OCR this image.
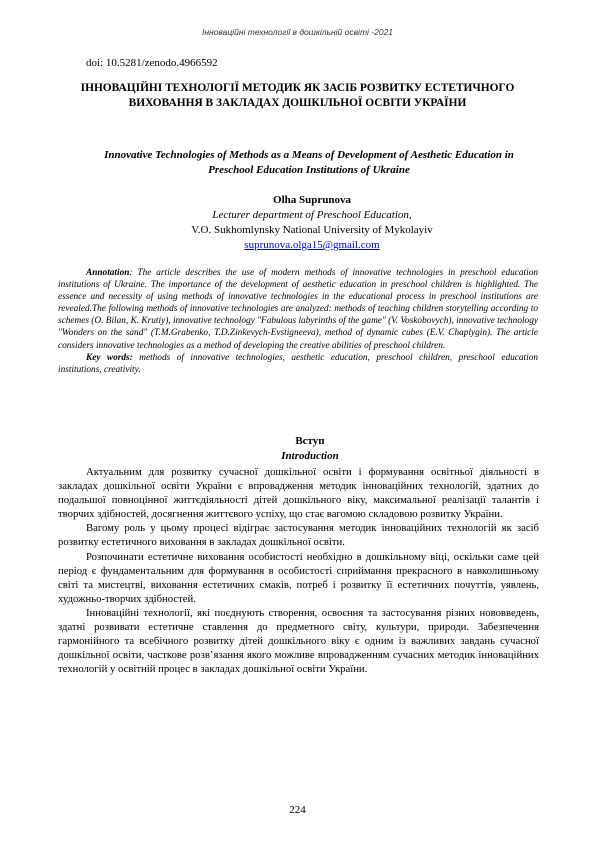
Інноваційні технології в дошкільній освіті -2021
doi: 10.5281/zenodo.4966592
ІННОВАЦІЙНІ ТЕХНОЛОГІЇ МЕТОДИК ЯК ЗАСІБ РОЗВИТКУ ЕСТЕТИЧНОГО ВИХОВАННЯ В ЗАКЛАДАХ ДОШКІЛЬНОЇ ОСВІТИ УКРАЇНИ
Innovative Technologies of Methods as a Means of Development of Aesthetic Education in Preschool Education Institutions of Ukraine
Olha Suprunova
Lecturer department of Preschool Education,
V.O. Sukhomlynsky National University of Mykolayiv
suprunova.olga15@gmail.com

Annotation: The article describes the use of modern methods of innovative technologies in preschool education institutions of Ukraine. The importance of the development of aesthetic education in preschool children is highlighted. The essence and necessity of using methods of innovative technologies in the educational process in preschool institutions are revealed.The following methods of innovative technologies are analyzed: methods of teaching children storytelling according to schemes (O. Bilan, K. Krutiy), innovative technology "Fabulous labyrinths of the game" (V. Voskobovych), innovative technology "Wonders on the sand" (T.M.Grabenko, T.D.Zinkevych-Evstigneeva), method of dynamic cubes (E.V. Chaplygin). The article considers innovative technologies as a method of developing the creative abilities of preschool children.

Key words: methods of innovative technologies, aesthetic education, preschool children, preschool education institutions, creativity.

Вступ
Introduction

Актуальним для розвитку сучасної дошкільної освіти і формування освітньої діяльності в закладах дошкільної освіти України є впровадження методик інноваційних технологій, здатних до подальшої повноцінної життєдіяльності дітей дошкільного віку, максимальної реалізації талантів і творчих здібностей, досягнення життєвого успіху, що стає вагомою складовою розвитку України.

Вагому роль у цьому процесі відіграє застосування методик інноваційних технологій як засіб розвитку естетичного виховання в закладах дошкільної освіти.

Розпочинати естетичне виховання особистості необхідно в дошкільному віці, оскільки саме цей період є фундаментальним для формування в особистості сприймання прекрасного в навколишньому світі та мистецтві, виховання естетичних смаків, потреб і розвитку її естетичних почуттів, уявлень, художньо-творчих здібностей.

Інноваційні технології, які поєднують створення, освоєння та застосування різних нововведень, здатні розвивати естетичне ставлення до предметного світу, культури, природи. Забезпечення гармонійного та всебічного розвитку дітей дошкільного віку є одним із важливих завдань сучасної дошкільної освіти, часткове розв’язання якого можливе впровадженням сучасних методик інноваційних технологій у освітній процес в закладах дошкільної освіти України.

224
